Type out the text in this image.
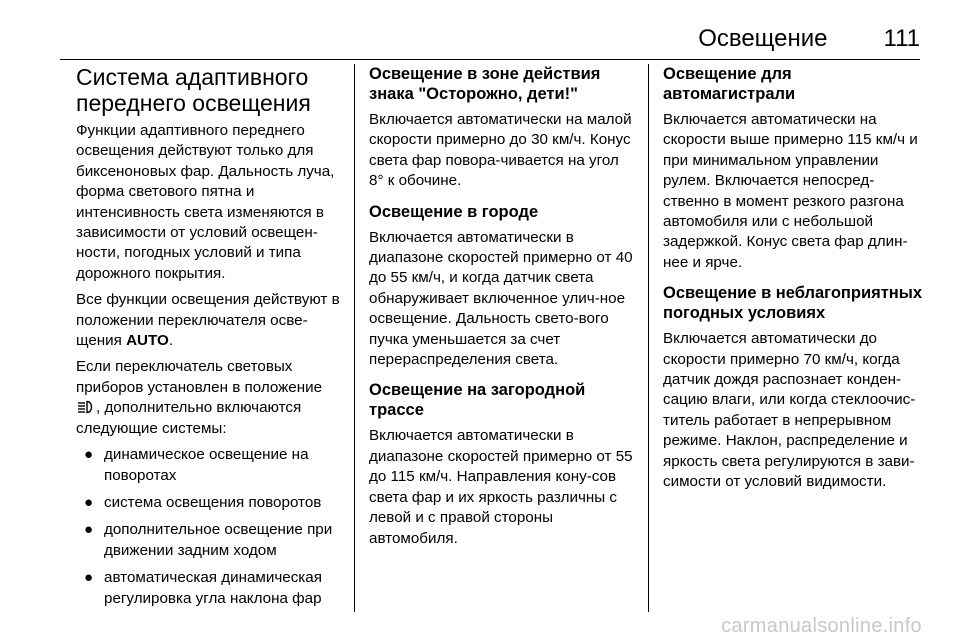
Освещение 111
Система адаптивного переднего освещения

Функции адаптивного переднего освещения действуют только для биксеноновых фар. Дальность луча, форма светового пятна и интенсивность света изменяются в зависимости от условий освещен-ности, погодных условий и типа дорожного покрытия.

Все функции освещения действуют в положении переключателя осве-щения AUTO.

Если переключатель световых приборов установлен в положение , дополнительно включаются следующие системы:

● динамическое освещение на поворотах
● система освещения поворотов
● дополнительное освещение при движении задним ходом
● автоматическая динамическая регулировка угла наклона фар
Освещение в зоне действия знака "Осторожно, дети!"

Включается автоматически на малой скорости примерно до 30 км/ч. Конус света фар повора-чивается на угол 8° к обочине.

Освещение в городе

Включается автоматически в диапазоне скоростей примерно от 40 до 55 км/ч, и когда датчик света обнаруживает включенное улич-ное освещение. Дальность свето-вого пучка уменьшается за счет перераспределения света.

Освещение на загородной трассе

Включается автоматически в диапазоне скоростей примерно от 55 до 115 км/ч. Направления кону-сов света фар и их яркость различны с левой и с правой стороны автомобиля.

Освещение для автомагистрали

Включается автоматически на скорости выше примерно 115 км/ч и при минимальном управлении рулем. Включается непосред-ственно в момент резкого разгона автомобиля или с небольшой задержкой. Конус света фар длин-нее и ярче.

Освещение в неблагоприятных погодных условиях

Включается автоматически до скорости примерно 70 км/ч, когда датчик дождя распознает конден-сацию влаги, или когда стеклоочис-титель работает в непрерывном режиме. Наклон, распределение и яркость света регулируются в зави-симости от условий видимости.

carmanualsonline.info
